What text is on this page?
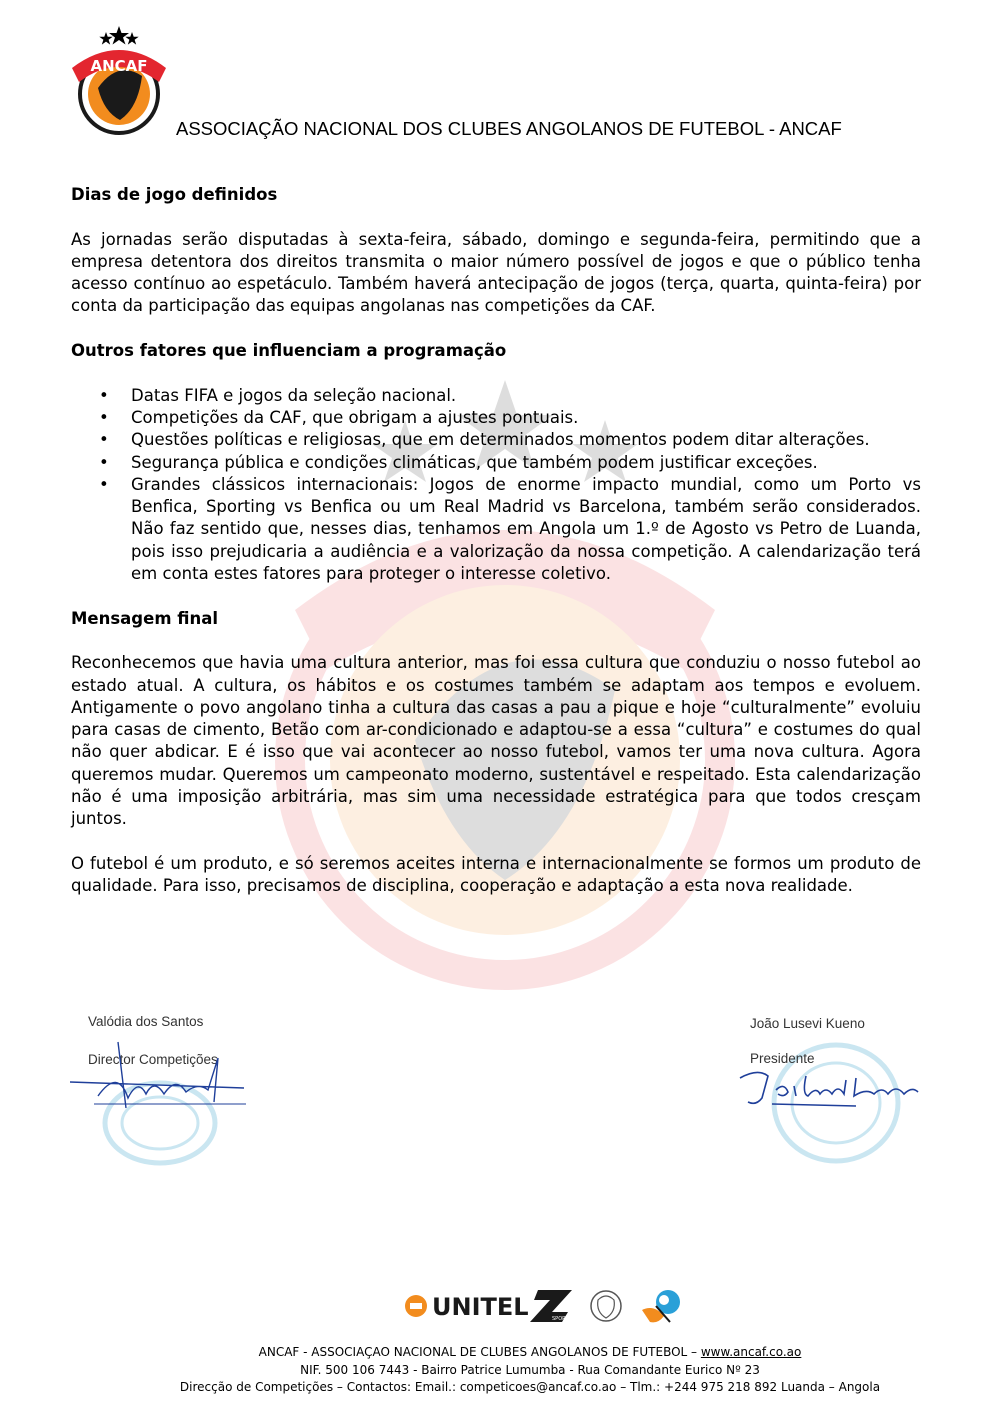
ANCAF
ASSOCIAÇÃO NACIONAL DOS CLUBES ANGOLANOS DE FUTEBOL - ANCAF
Dias de jogo definidos

As jornadas serão disputadas à sexta-feira, sábado, domingo e segunda-feira, permitindo que a empresa detentora dos direitos transmita o maior número possível de jogos e que o público tenha acesso contínuo ao espetáculo. Também haverá antecipação de jogos (terça, quarta, quinta-feira) por conta da participação das equipas angolanas nas competições da CAF.

Outros fatores que influenciam a programação
• Datas FIFA e jogos da seleção nacional.
• Competições da CAF, que obrigam a ajustes pontuais.
• Questões políticas e religiosas, que em determinados momentos podem ditar alterações.
• Segurança pública e condições climáticas, que também podem justificar exceções.
• Grandes clássicos internacionais: Jogos de enorme impacto mundial, como um Porto vs Benfica, Sporting vs Benfica ou um Real Madrid vs Barcelona, também serão considerados. Não faz sentido que, nesses dias, tenhamos em Angola um 1.º de Agosto vs Petro de Luanda, pois isso prejudicaria a audiência e a valorização da nossa competição. A calendarização terá em conta estes fatores para proteger o interesse coletivo.
Mensagem final

Reconhecemos que havia uma cultura anterior, mas foi essa cultura que conduziu o nosso futebol ao estado atual. A cultura, os hábitos e os costumes também se adaptam aos tempos e evoluem. Antigamente o povo angolano tinha a cultura das casas a pau a pique e hoje “culturalmente” evoluiu para casas de cimento, Betão com ar-condicionado e adaptou-se a essa “cultura” e costumes do qual não quer abdicar. E é isso que vai acontecer ao nosso futebol, vamos ter uma nova cultura. Agora queremos mudar. Queremos um campeonato moderno, sustentável e respeitado. Esta calendarização não é uma imposição arbitrária, mas sim uma necessidade estratégica para que todos cresçam juntos.

O futebol é um produto, e só seremos aceites interna e internacionalmente se formos um produto de qualidade. Para isso, precisamos de disciplina, cooperação e adaptação a esta nova realidade.

Valódia dos Santos
Director Competições
João Lusevi Kueno
Presidente
UNITEL	SPORTS
ANCAF - ASSOCIAÇAO NACIONAL DE CLUBES ANGOLANOS DE FUTEBOL – www.ancaf.co.ao
NIF. 500 106 7443 - Bairro Patrice Lumumba - Rua Comandante Eurico Nº 23
Direcção de Competições – Contactos: Email.: competicoes@ancaf.co.ao – Tlm.: +244 975 218 892 Luanda – Angola
